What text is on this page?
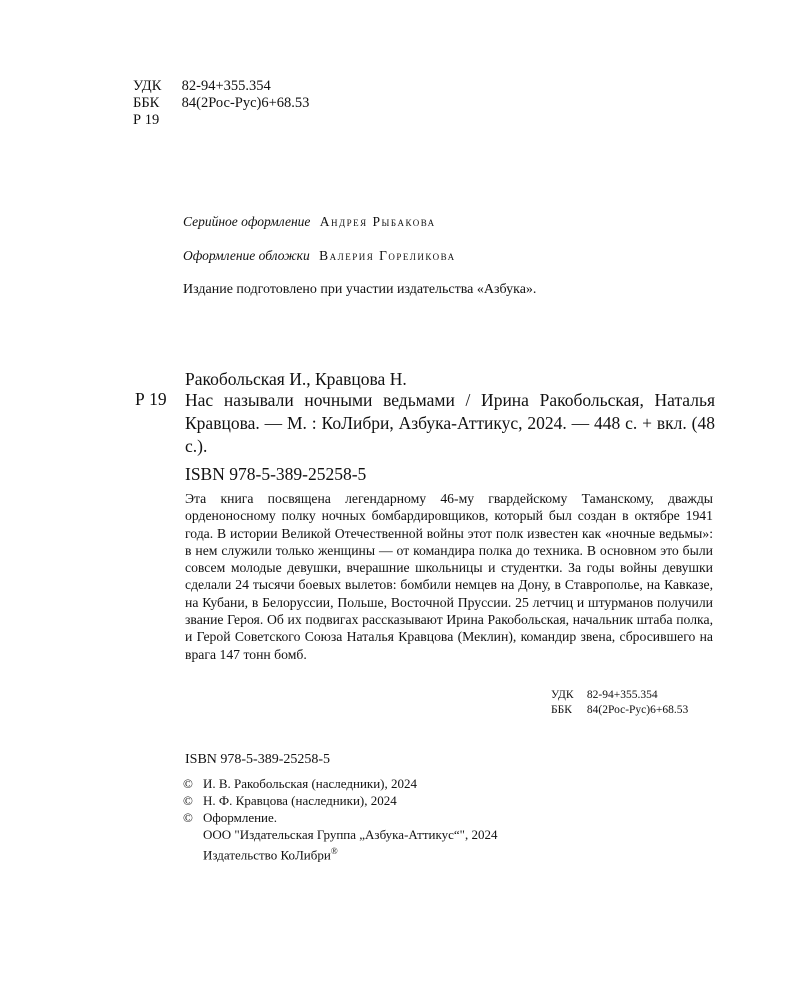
УДК 82-94+355.354
ББК 84(2Рос-Рус)6+68.53
Р 19
Серийное оформление Андрея Рыбакова
Оформление обложки Валерия Гореликова
Издание подготовлено при участии издательства «Азбука».
Ракобольская И., Кравцова Н.
Р 19 Нас называли ночными ведьмами / Ирина Ракобольская, Наталья Кравцова. — М. : КоЛибри, Азбука-Аттикус, 2024. — 448 с. + вкл. (48 с.).
ISBN 978-5-389-25258-5
Эта книга посвящена легендарному 46-му гвардейскому Таманскому, дважды орденоносному полку ночных бомбардировщиков, который был создан в октябре 1941 года. В истории Великой Отечественной войны этот полк известен как «ночные ведьмы»: в нем служили только женщины — от командира полка до техника. В основном это были совсем молодые девушки, вчерашние школьницы и студентки. За годы войны девушки сделали 24 тысячи боевых вылетов: бомбили немцев на Дону, в Ставрополье, на Кавказе, на Кубани, в Белоруссии, Польше, Восточной Пруссии. 25 летчиц и штурманов получили звание Героя. Об их подвигах рассказывают Ирина Ракобольская, начальник штаба полка, и Герой Советского Союза Наталья Кравцова (Меклин), командир звена, сбросившего на врага 147 тонн бомб.
УДК 82-94+355.354
ББК 84(2Рос-Рус)6+68.53
ISBN 978-5-389-25258-5
© И. В. Ракобольская (наследники), 2024
© Н. Ф. Кравцова (наследники), 2024
© Оформление.
ООО "Издательская Группа „Азбука-Аттикус“", 2024
Издательство КоЛибри®
